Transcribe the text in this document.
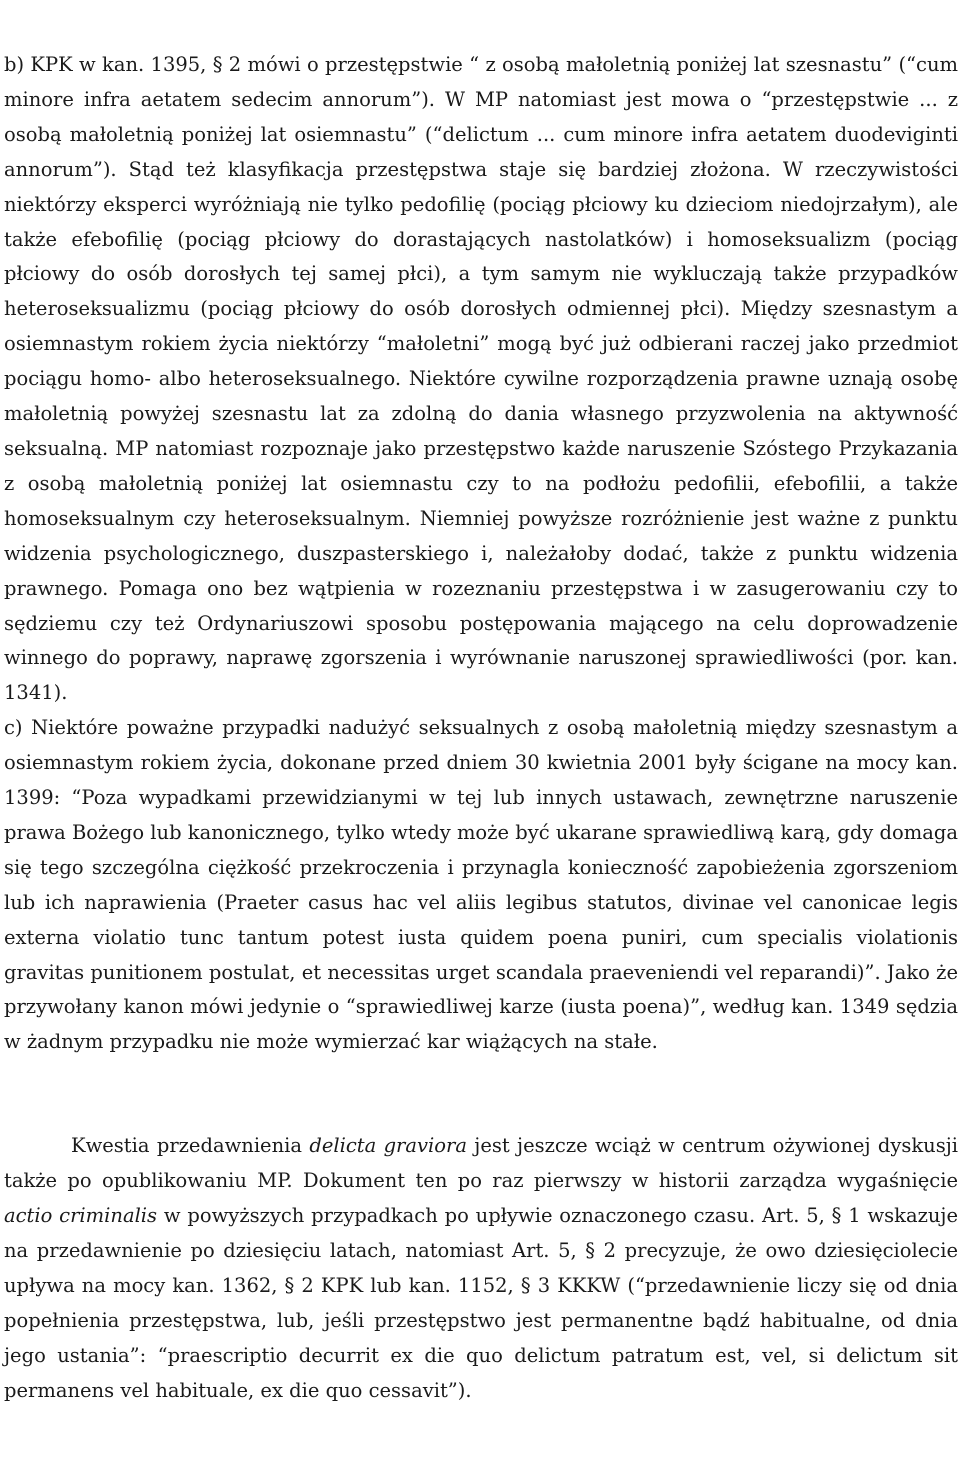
b) KPK w kan. 1395, § 2 mówi o przestępstwie “ z osobą małoletnią poniżej lat szesnastu” (“cum minore infra aetatem sedecim annorum”). W MP natomiast jest mowa o “przestępstwie ... z osobą małoletnią poniżej lat osiemnastu” (“delictum ... cum minore infra aetatem duodeviginti annorum”). Stąd też klasyfikacja przestępstwa staje się bardziej złożona. W rzeczywistości niektórzy eksperci wyróżniają nie tylko pedofilię (pociąg płciowy ku dzieciom niedojrzałym), ale także efebofilię (pociąg płciowy do dorastających nastolatków) i homoseksualizm (pociąg płciowy do osób dorosłych tej samej płci), a tym samym nie wykluczają także przypadków heteroseksualizmu (pociąg płciowy do osób dorosłych odmiennej płci). Między szesnastym a osiemnastym rokiem życia niektórzy “małoletni” mogą być już odbierani raczej jako przedmiot pociągu homo- albo heteroseksualnego. Niektóre cywilne rozporządzenia prawne uznają osobę małoletnią powyżej szesnastu lat za zdolną do dania własnego przyzwolenia na aktywność seksualną. MP natomiast rozpoznaje jako przestępstwo każde naruszenie Szóstego Przykazania z osobą małoletnią poniżej lat osiemnastu czy to na podłożu pedofilii, efebofilii, a także homoseksualnym czy heteroseksualnym. Niemniej powyższe rozróżnienie jest ważne z punktu widzenia psychologicznego, duszpasterskiego i, należałoby dodać, także z punktu widzenia prawnego. Pomaga ono bez wątpienia w rozeznaniu przestępstwa i w zasugerowaniu czy to sędziemu czy też Ordynariuszowi sposobu postępowania mającego na celu doprowadzenie winnego do poprawy, naprawę zgorszenia i wyrównanie naruszonej sprawiedliwości (por. kan. 1341).

c) Niektóre poważne przypadki nadużyć seksualnych z osobą małoletnią między szesnastym a osiemnastym rokiem życia, dokonane przed dniem 30 kwietnia 2001 były ścigane na mocy kan. 1399: “Poza wypadkami przewidzianymi w tej lub innych ustawach, zewnętrzne naruszenie prawa Bożego lub kanonicznego, tylko wtedy może być ukarane sprawiedliwą karą, gdy domaga się tego szczególna ciężkość przekroczenia i przynagla konieczność zapobieżenia zgorszeniom lub ich naprawienia (Praeter casus hac vel aliis legibus statutos, divinae vel canonicae legis externa violatio tunc tantum potest iusta quidem poena puniri, cum specialis violationis gravitas punitionem postulat, et necessitas urget scandala praeveniendi vel reparandi)”. Jako że przywołany kanon mówi jedynie o “sprawiedliwej karze (iusta poena)”, według kan. 1349 sędzia w żadnym przypadku nie może wymierzać kar wiążących na stałe.

Kwestia przedawnienia delicta graviora jest jeszcze wciąż w centrum ożywionej dyskusji także po opublikowaniu MP. Dokument ten po raz pierwszy w historii zarządza wygaśnięcie actio criminalis w powyższych przypadkach po upływie oznaczonego czasu. Art. 5, § 1 wskazuje na przedawnienie po dziesięciu latach, natomiast Art. 5, § 2 precyzuje, że owo dziesięciolecie upływa na mocy kan. 1362, § 2 KPK lub kan. 1152, § 3 KKKW (“przedawnienie liczy się od dnia popełnienia przestępstwa, lub, jeśli przestępstwo jest permanentne bądź habitualne, od dnia jego ustania”: “praescriptio decurrit ex die quo delictum patratum est, vel, si delictum sit permanens vel habituale, ex die quo cessavit”).
